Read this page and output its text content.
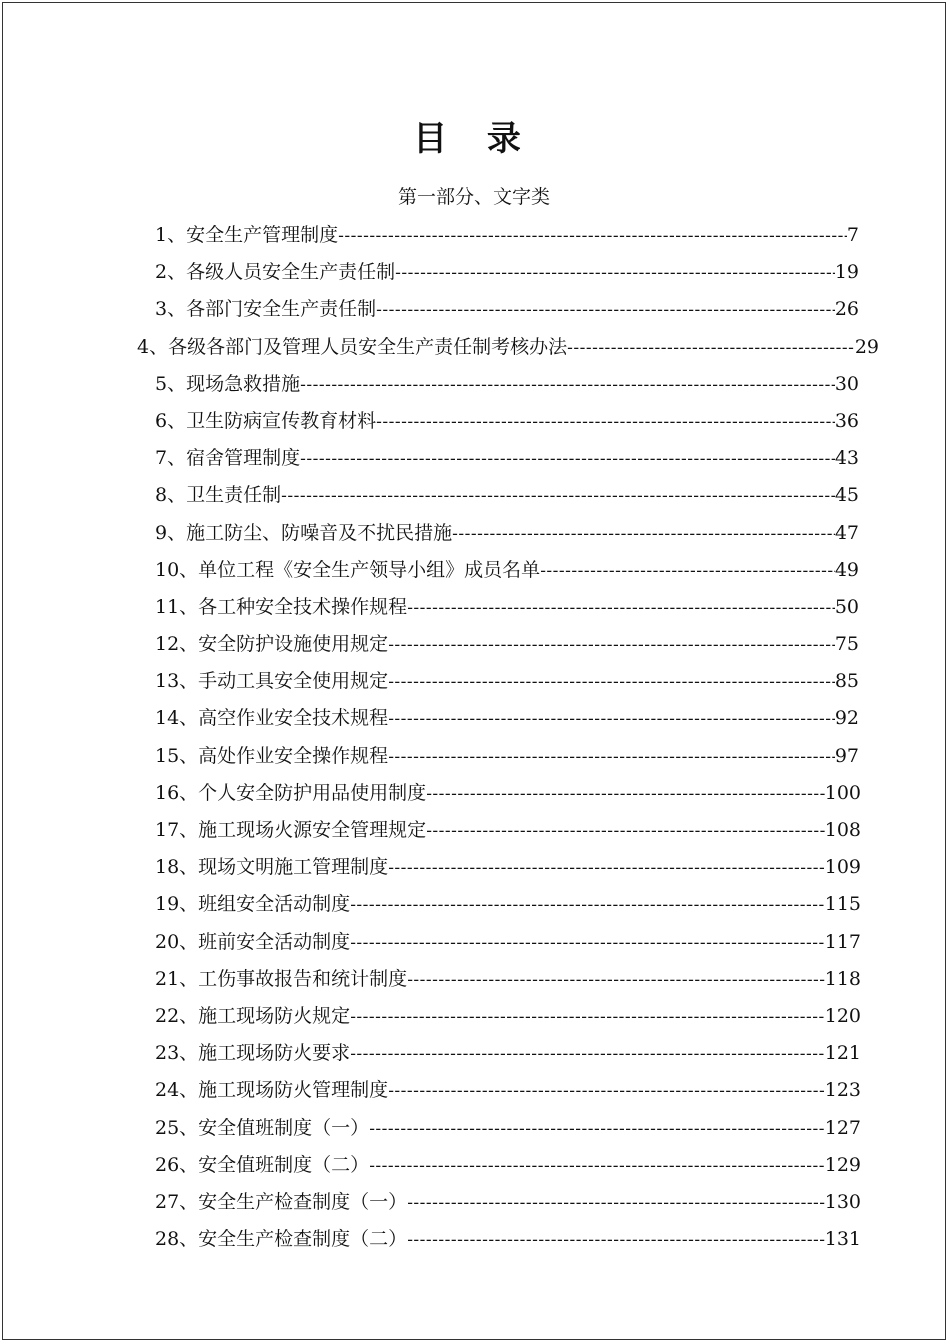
目 录
第一部分、文字类
1、安全生产管理制度 -----	7
2、各级人员安全生产责任制 -----	19
3、各部门安全生产责任制 -----	26
4、各级各部门及管理人员安全生产责任制考核办法 -----	29
5、现场急救措施 -----	30
6、卫生防病宣传教育材料 -----	36
7、宿舍管理制度 -----	43
8、卫生责任制 -----	45
9、施工防尘、防噪音及不扰民措施 -----	47
10、单位工程《安全生产领导小组》成员名单 -----	49
11、各工种安全技术操作规程 -----	50
12、安全防护设施使用规定 -----	75
13、手动工具安全使用规定 -----	85
14、高空作业安全技术规程 -----	92
15、高处作业安全操作规程 -----	97
16、个人安全防护用品使用制度 -----	100
17、施工现场火源安全管理规定 -----	108
18、现场文明施工管理制度 -----	109
19、班组安全活动制度 -----	115
20、班前安全活动制度 -----	117
21、工伤事故报告和统计制度 -----	118
22、施工现场防火规定 -----	120
23、施工现场防火要求 -----	121
24、施工现场防火管理制度 -----	123
25、安全值班制度（一） -----	127
26、安全值班制度（二） -----	129
27、安全生产检查制度（一） -----	130
28、安全生产检查制度（二） -----	131
